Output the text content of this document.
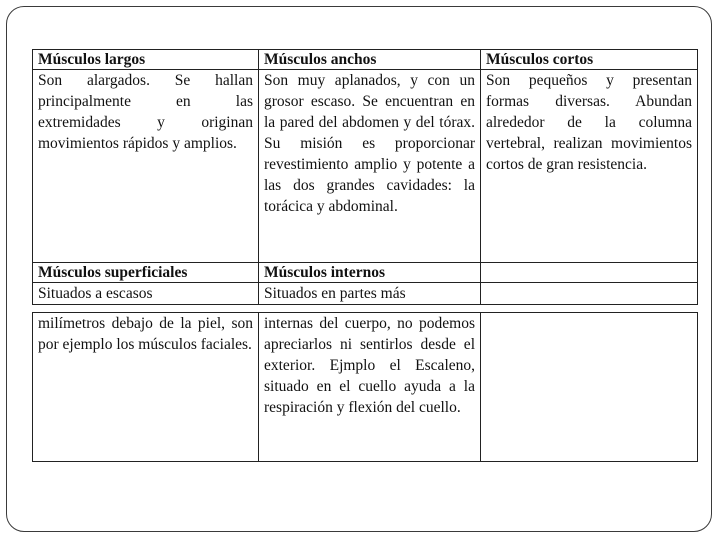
Músculos largos	Músculos anchos	Músculos cortos
Son alargados. Se hallan principalmente en las extremidades y originan movimientos rápidos y amplios.	Son muy aplanados, y con un grosor escaso. Se encuentran en la pared del abdomen y del tórax. Su misión es proporcionar revestimiento amplio y potente a las dos grandes cavidades: la torácica y abdominal.	Son pequeños y presentan formas diversas. Abundan alrededor de la columna vertebral, realizan movimientos cortos de gran resistencia.
Músculos superficiales	Músculos internos	
Situados a escasos	Situados en partes más	
milímetros debajo de la piel, son por ejemplo los músculos faciales.	internas del cuerpo, no podemos apreciarlos ni sentirlos desde el exterior. Ejmplo el Escaleno, situado en el cuello ayuda a la respiración y flexión del cuello.	
